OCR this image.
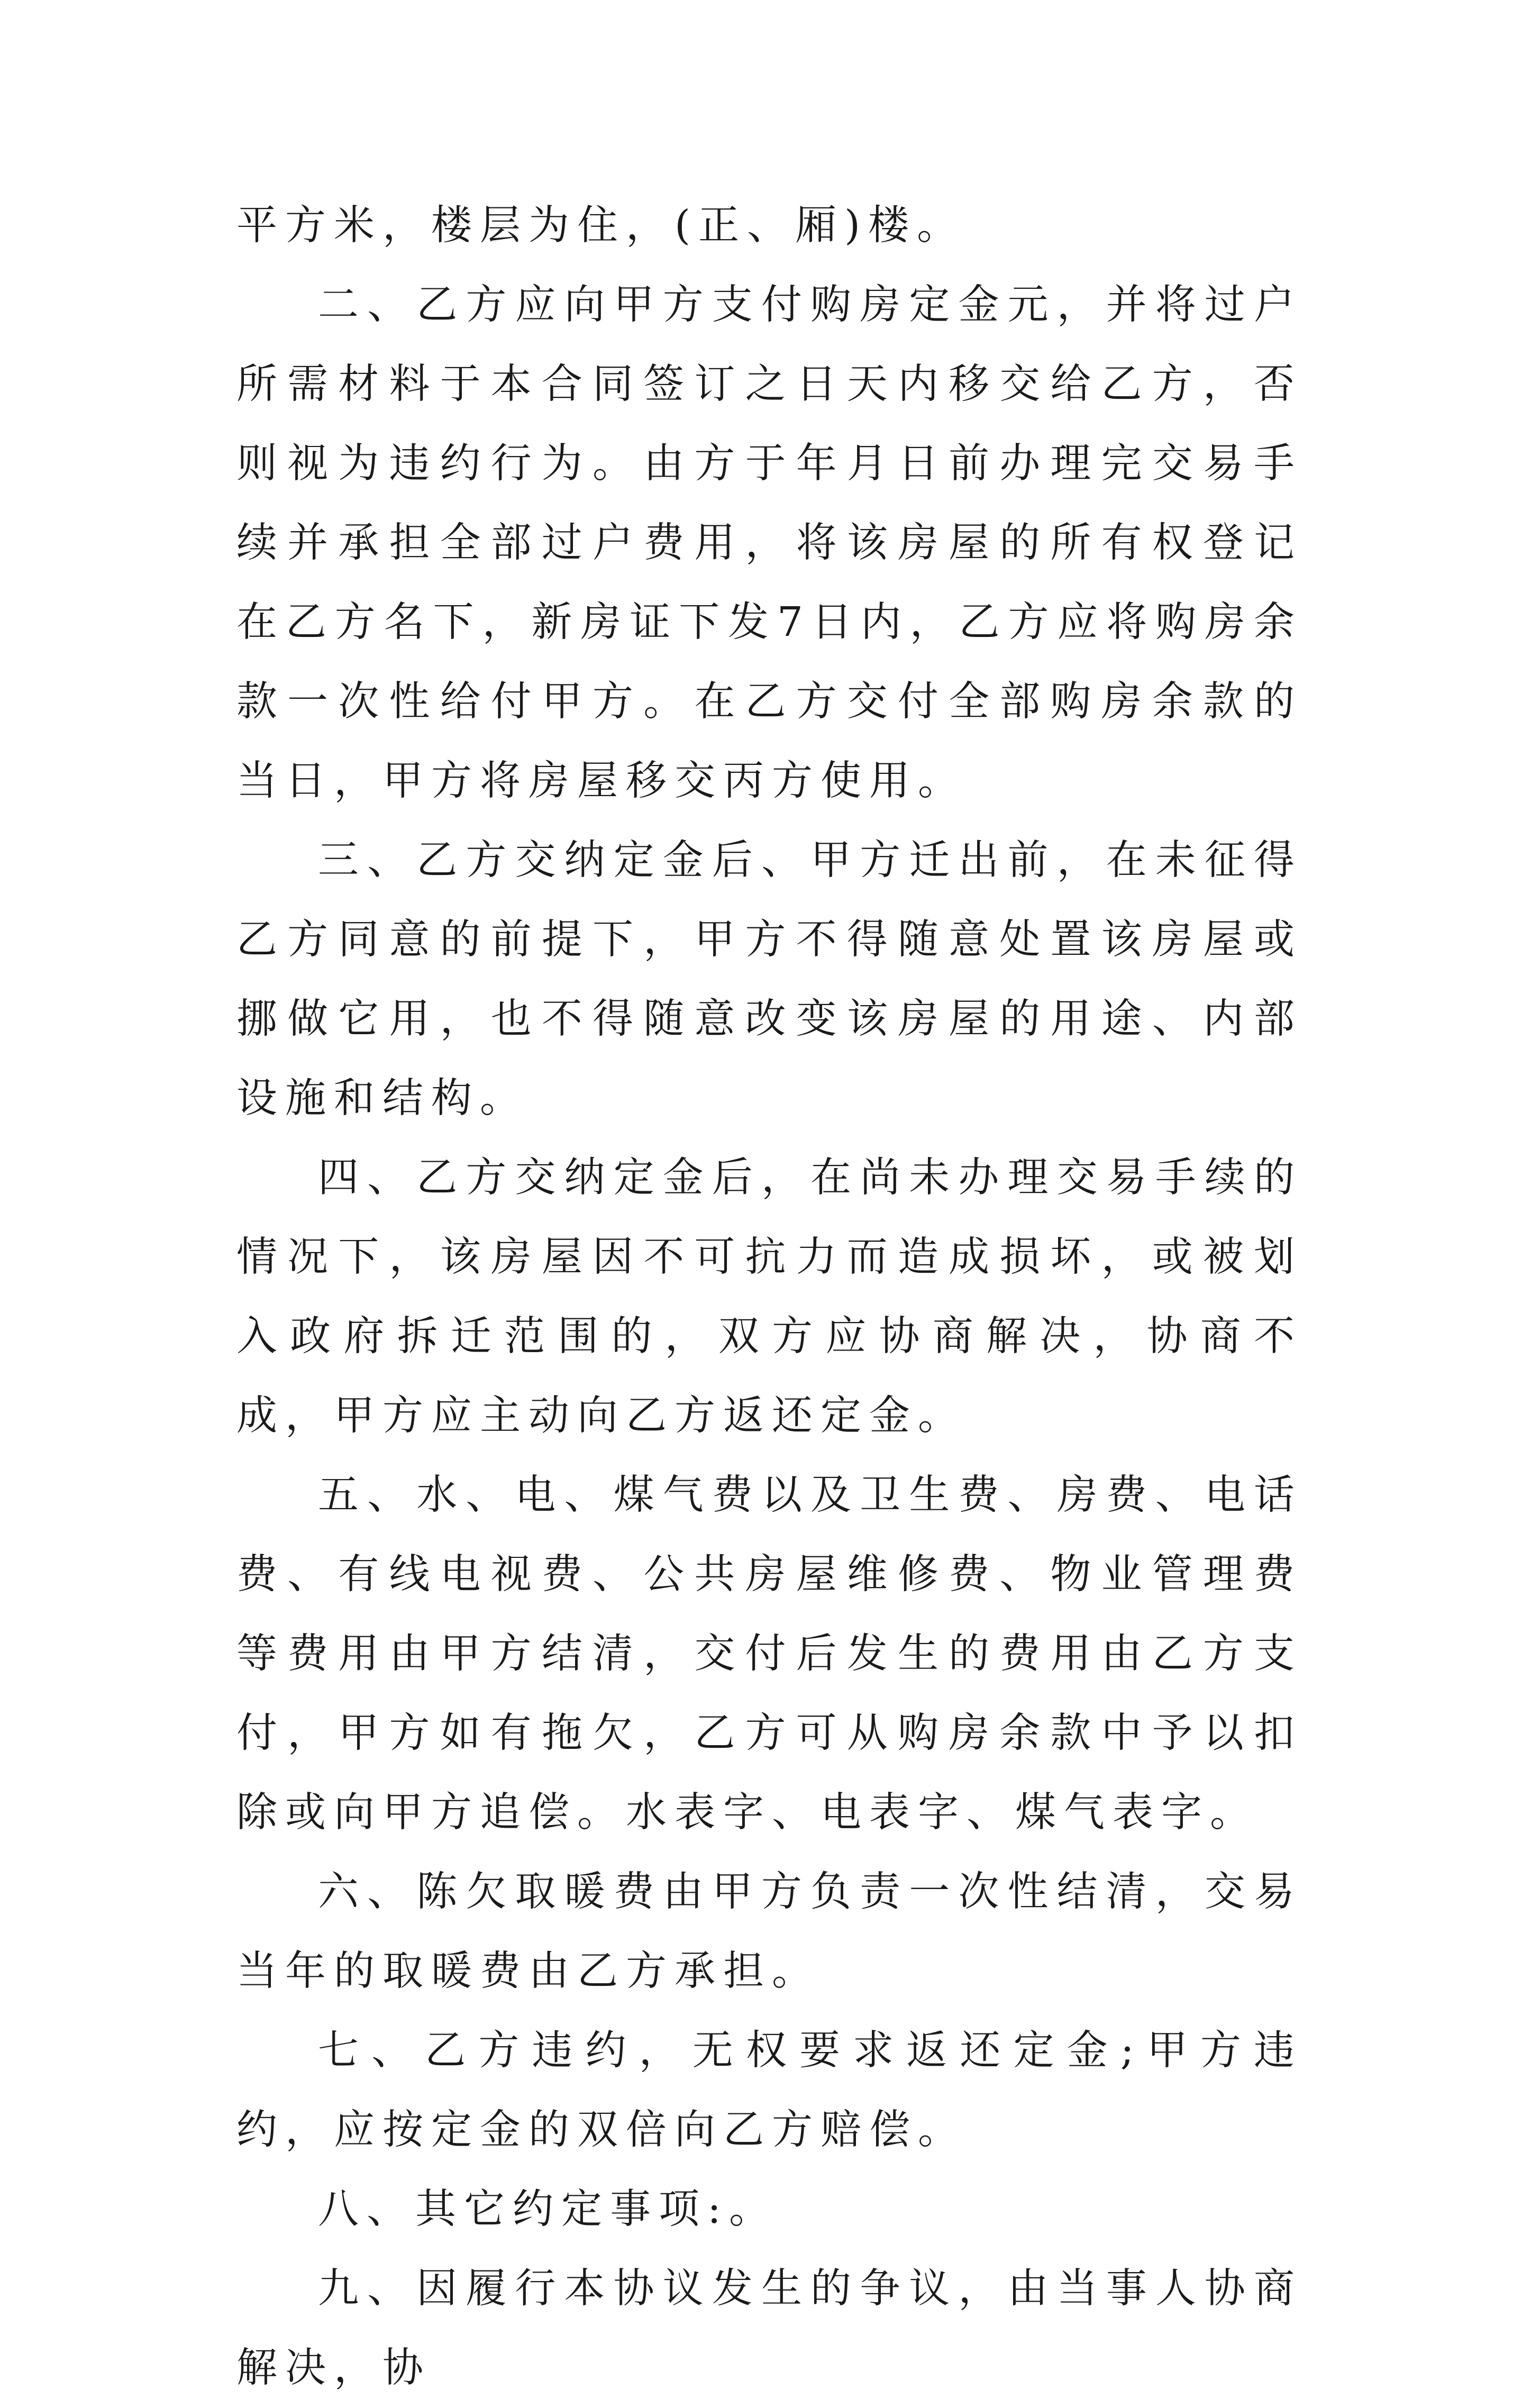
平方米，楼层为住，(正、厢)楼。

二、乙方应向甲方支付购房定金元，并将过户所需材料于本合同签订之日天内移交给乙方，否则视为违约行为。由方于年月日前办理完交易手续并承担全部过户费用，将该房屋的所有权登记在乙方名下，新房证下发7日内，乙方应将购房余款一次性给付甲方。在乙方交付全部购房余款的当日，甲方将房屋移交丙方使用。

三、乙方交纳定金后、甲方迁出前，在未征得乙方同意的前提下，甲方不得随意处置该房屋或挪做它用，也不得随意改变该房屋的用途、内部设施和结构。

四、乙方交纳定金后，在尚未办理交易手续的情况下，该房屋因不可抗力而造成损坏，或被划入政府拆迁范围的，双方应协商解决，协商不成，甲方应主动向乙方返还定金。

五、水、电、煤气费以及卫生费、房费、电话费、有线电视费、公共房屋维修费、物业管理费等费用由甲方结清，交付后发生的费用由乙方支付，甲方如有拖欠，乙方可从购房余款中予以扣除或向甲方追偿。水表字、电表字、煤气表字。

六、陈欠取暖费由甲方负责一次性结清，交易当年的取暖费由乙方承担。

七、乙方违约，无权要求返还定金;甲方违约，应按定金的双倍向乙方赔偿。

八、其它约定事项:。

九、因履行本协议发生的争议，由当事人协商解决，协
